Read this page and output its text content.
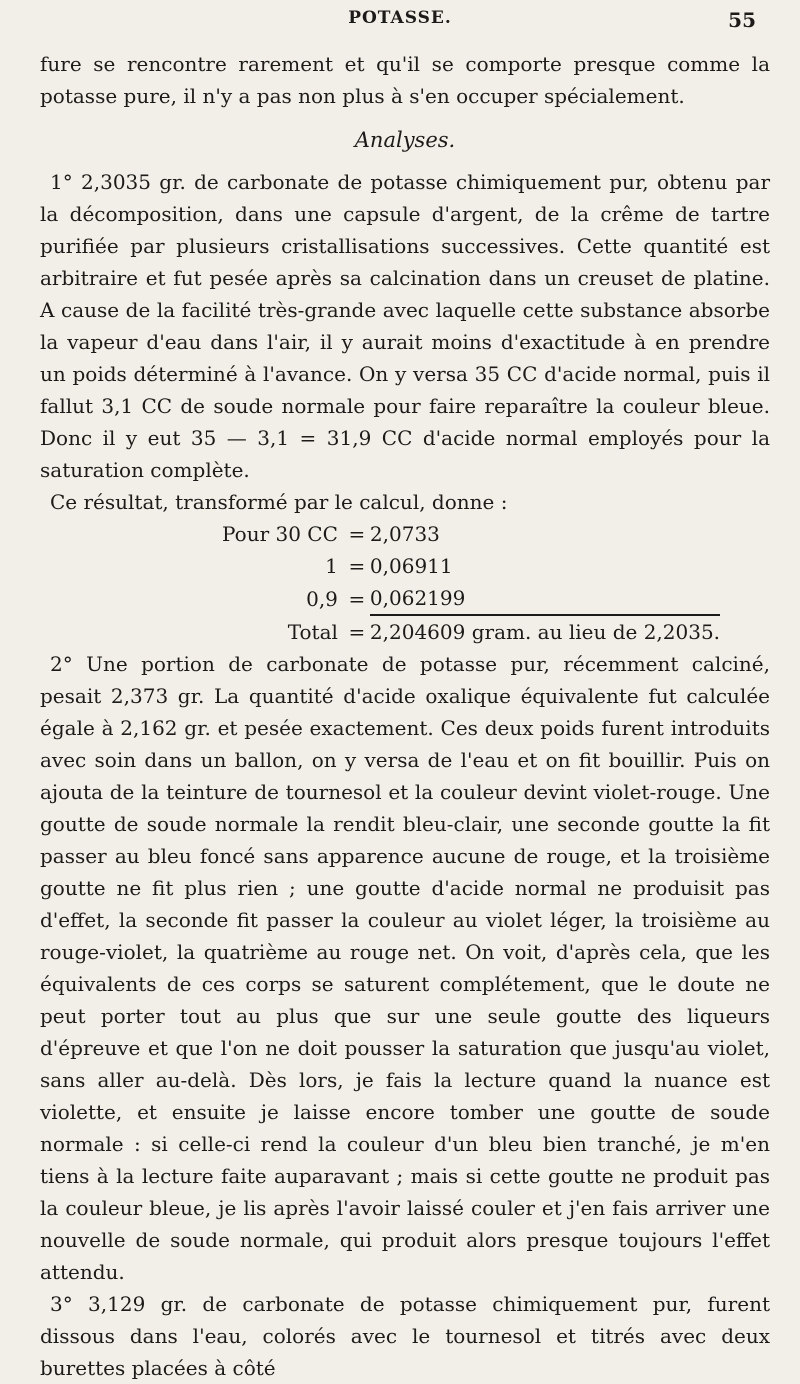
POTASSE.	55

fure se rencontre rarement et qu'il se comporte presque comme la potasse pure, il n'y a pas non plus à s'en occuper spécialement.

Analyses.

1° 2,3035 gr. de carbonate de potasse chimiquement pur, obtenu par la décomposition, dans une capsule d'argent, de la crême de tartre purifiée par plusieurs cristallisations successives. Cette quantité est arbitraire et fut pesée après sa calcination dans un creuset de platine. A cause de la facilité très-grande avec laquelle cette substance absorbe la vapeur d'eau dans l'air, il y aurait moins d'exactitude à en prendre un poids déterminé à l'avance. On y versa 35 CC d'acide normal, puis il fallut 3,1 CC de soude normale pour faire reparaître la couleur bleue. Donc il y eut 35 — 3,1 = 31,9 CC d'acide normal employés pour la saturation complète.

Ce résultat, transformé par le calcul, donne :

Pour 30 CC	=	2,0733
1	=	0,06911
0,9	=	0,062199
Total	=	2,204609 gram. au lieu de 2,2035.

2° Une portion de carbonate de potasse pur, récemment calciné, pesait 2,373 gr. La quantité d'acide oxalique équivalente fut calculée égale à 2,162 gr. et pesée exactement. Ces deux poids furent introduits avec soin dans un ballon, on y versa de l'eau et on fit bouillir. Puis on ajouta de la teinture de tournesol et la couleur devint violet-rouge. Une goutte de soude normale la rendit bleu-clair, une seconde goutte la fit passer au bleu foncé sans apparence aucune de rouge, et la troisième goutte ne fit plus rien ; une goutte d'acide normal ne produisit pas d'effet, la seconde fit passer la couleur au violet léger, la troisième au rouge-violet, la quatrième au rouge net. On voit, d'après cela, que les équivalents de ces corps se saturent complétement, que le doute ne peut porter tout au plus que sur une seule goutte des liqueurs d'épreuve et que l'on ne doit pousser la saturation que jusqu'au violet, sans aller au-delà. Dès lors, je fais la lecture quand la nuance est violette, et ensuite je laisse encore tomber une goutte de soude normale : si celle-ci rend la couleur d'un bleu bien tranché, je m'en tiens à la lecture faite auparavant ; mais si cette goutte ne produit pas la couleur bleue, je lis après l'avoir laissé couler et j'en fais arriver une nouvelle de soude normale, qui produit alors presque toujours l'effet attendu.

3° 3,129 gr. de carbonate de potasse chimiquement pur, furent dissous dans l'eau, colorés avec le tournesol et titrés avec deux burettes placées à côté
